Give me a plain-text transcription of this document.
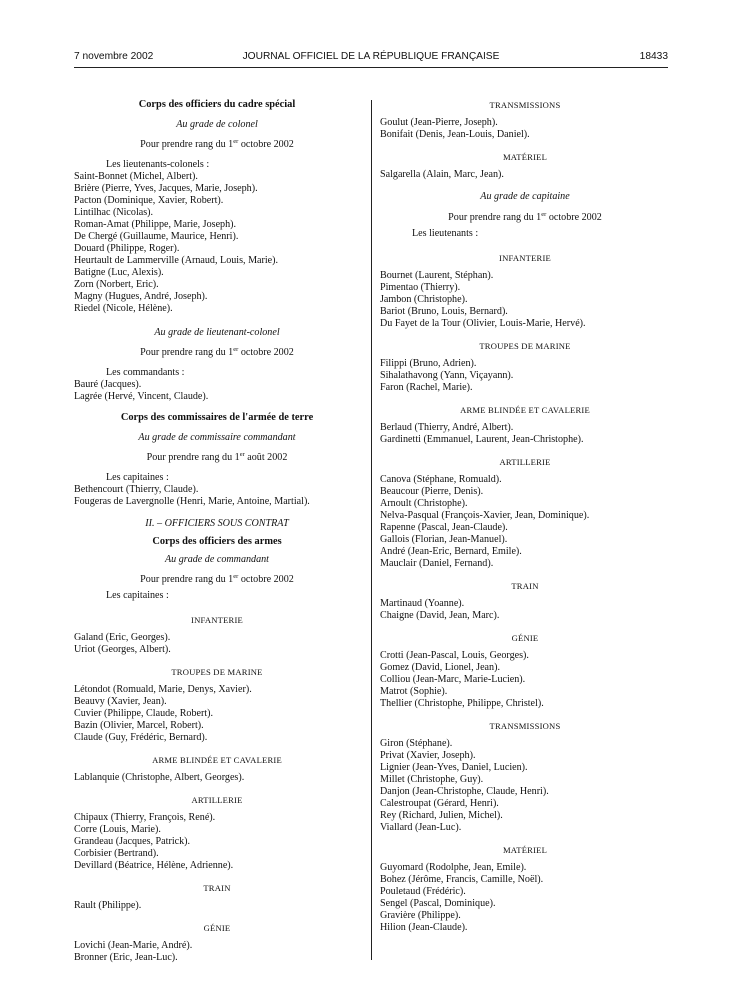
7 novembre 2002	JOURNAL OFFICIEL DE LA RÉPUBLIQUE FRANÇAISE	18433
Corps des officiers du cadre spécial
Au grade de colonel
Pour prendre rang du 1er octobre 2002
Les lieutenants-colonels :
Saint-Bonnet (Michel, Albert).
Brière (Pierre, Yves, Jacques, Marie, Joseph).
Pacton (Dominique, Xavier, Robert).
Lintilhac (Nicolas).
Roman-Amat (Philippe, Marie, Joseph).
De Chergé (Guillaume, Maurice, Henri).
Douard (Philippe, Roger).
Heurtault de Lammerville (Arnaud, Louis, Marie).
Batigne (Luc, Alexis).
Zorn (Norbert, Eric).
Magny (Hugues, André, Joseph).
Riedel (Nicole, Hélène).
Au grade de lieutenant-colonel
Pour prendre rang du 1er octobre 2002
Les commandants :
Bauré (Jacques).
Lagrée (Hervé, Vincent, Claude).
Corps des commissaires de l'armée de terre
Au grade de commissaire commandant
Pour prendre rang du 1er août 2002
Les capitaines :
Bethencourt (Thierry, Claude).
Fougeras de Lavergnolle (Henri, Marie, Antoine, Martial).
II. – OFFICIERS SOUS CONTRAT
Corps des officiers des armes
Au grade de commandant
Pour prendre rang du 1er octobre 2002
Les capitaines :
INFANTERIE
Galand (Eric, Georges).
Uriot (Georges, Albert).
TROUPES DE MARINE
Létondot (Romuald, Marie, Denys, Xavier).
Beauvy (Xavier, Jean).
Cuvier (Philippe, Claude, Robert).
Bazin (Olivier, Marcel, Robert).
Claude (Guy, Frédéric, Bernard).
ARME BLINDÉE ET CAVALERIE
Lablanquie (Christophe, Albert, Georges).
ARTILLERIE
Chipaux (Thierry, François, René).
Corre (Louis, Marie).
Grandeau (Jacques, Patrick).
Corbisier (Bertrand).
Devillard (Béatrice, Hélène, Adrienne).
TRAIN
Rault (Philippe).
GÉNIE
Lovichi (Jean-Marie, André).
Bronner (Eric, Jean-Luc).
TRANSMISSIONS
Goulut (Jean-Pierre, Joseph).
Bonifait (Denis, Jean-Louis, Daniel).
MATÉRIEL
Salgarella (Alain, Marc, Jean).
Au grade de capitaine
Pour prendre rang du 1er octobre 2002
Les lieutenants :
INFANTERIE
Bournet (Laurent, Stéphan).
Pimentao (Thierry).
Jambon (Christophe).
Bariot (Bruno, Louis, Bernard).
Du Fayet de la Tour (Olivier, Louis-Marie, Hervé).
TROUPES DE MARINE
Filippi (Bruno, Adrien).
Sihalathavong (Yann, Viçayann).
Faron (Rachel, Marie).
ARME BLINDÉE ET CAVALERIE
Berlaud (Thierry, André, Albert).
Gardinetti (Emmanuel, Laurent, Jean-Christophe).
ARTILLERIE
Canova (Stéphane, Romuald).
Beaucour (Pierre, Denis).
Arnoult (Christophe).
Nelva-Pasqual (François-Xavier, Jean, Dominique).
Rapenne (Pascal, Jean-Claude).
Gallois (Florian, Jean-Manuel).
André (Jean-Eric, Bernard, Emile).
Mauclair (Daniel, Fernand).
TRAIN
Martinaud (Yoanne).
Chaigne (David, Jean, Marc).
GÉNIE
Crotti (Jean-Pascal, Louis, Georges).
Gomez (David, Lionel, Jean).
Colliou (Jean-Marc, Marie-Lucien).
Matrot (Sophie).
Thellier (Christophe, Philippe, Christel).
TRANSMISSIONS
Giron (Stéphane).
Privat (Xavier, Joseph).
Lignier (Jean-Yves, Daniel, Lucien).
Millet (Christophe, Guy).
Danjon (Jean-Christophe, Claude, Henri).
Calestroupat (Gérard, Henri).
Rey (Richard, Julien, Michel).
Viallard (Jean-Luc).
MATÉRIEL
Guyomard (Rodolphe, Jean, Emile).
Bohez (Jérôme, Francis, Camille, Noël).
Pouletaud (Frédéric).
Sengel (Pascal, Dominique).
Gravière (Philippe).
Hilion (Jean-Claude).
